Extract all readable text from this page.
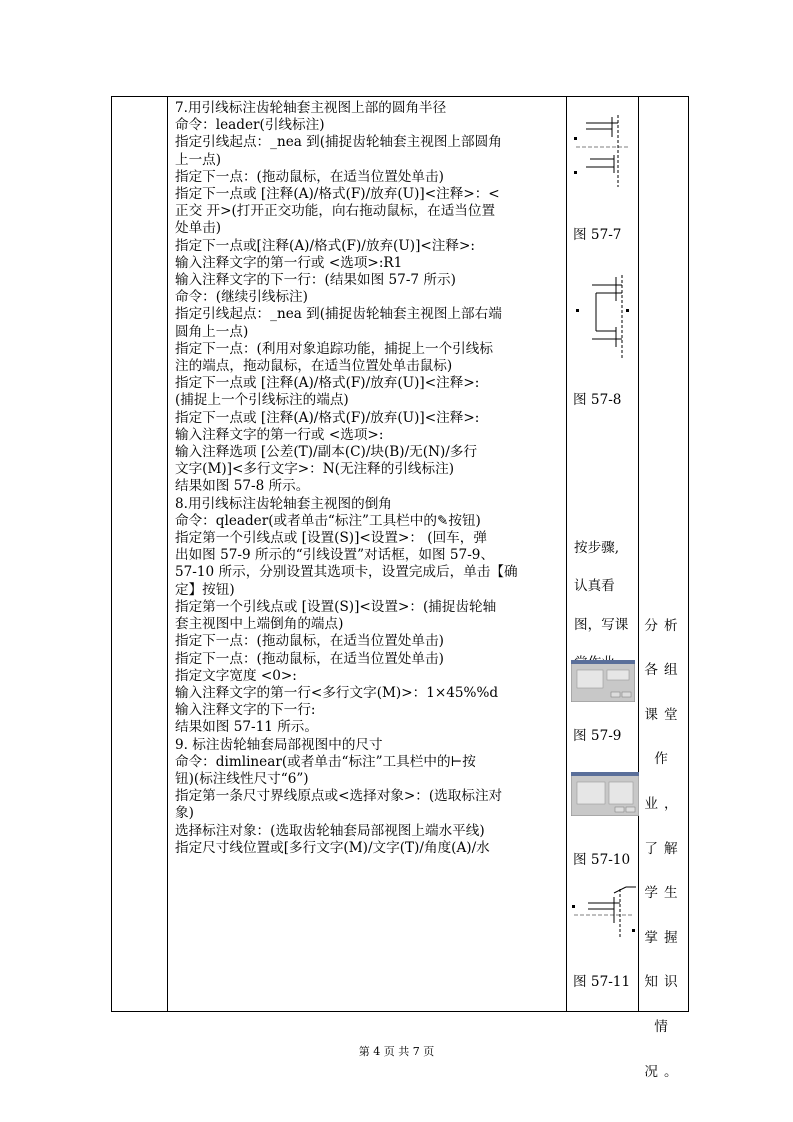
7.用引线标注齿轮轴套主视图上部的圆角半径

命令：leader(引线标注)

指定引线起点：_nea 到(捕捉齿轮轴套主视图上部圆角

上一点)

指定下一点：(拖动鼠标，在适当位置处单击)

指定下一点或 [注释(A)/格式(F)/放弃(U)]<注释>：<

正交 开>(打开正交功能，向右拖动鼠标，在适当位置

处单击)

指定下一点或[注释(A)/格式(F)/放弃(U)]<注释>:

输入注释文字的第一行或 <选项>:R1

输入注释文字的下一行：(结果如图 57-7 所示)

命令：(继续引线标注)

指定引线起点：_nea 到(捕捉齿轮轴套主视图上部右端

圆角上一点)

指定下一点：(利用对象追踪功能，捕捉上一个引线标

注的端点，拖动鼠标，在适当位置处单击鼠标)

指定下一点或 [注释(A)/格式(F)/放弃(U)]<注释>:

(捕捉上一个引线标注的端点)

指定下一点或 [注释(A)/格式(F)/放弃(U)]<注释>:

输入注释文字的第一行或 <选项>:

输入注释选项 [公差(T)/副本(C)/块(B)/无(N)/多行

文字(M)]<多行文字>：N(无注释的引线标注)

结果如图 57-8 所示。

8.用引线标注齿轮轴套主视图的倒角

命令：qleader(或者单击“标注”工具栏中的✎按钮)

指定第一个引线点或 [设置(S)]<设置>： (回车，弹

出如图 57-9 所示的“引线设置”对话框，如图 57-9、

57-10 所示，分别设置其选项卡，设置完成后，单击【确

定】按钮)

指定第一个引线点或 [设置(S)]<设置>：(捕捉齿轮轴

套主视图中上端倒角的端点)

指定下一点：(拖动鼠标，在适当位置处单击)

指定下一点：(拖动鼠标，在适当位置处单击)

指定文字宽度 <0>:

输入注释文字的第一行<多行文字(M)>：1×45%%d

输入注释文字的下一行:

结果如图 57-11 所示。

9. 标注齿轮轴套局部视图中的尺寸

命令：dimlinear(或者单击“标注”工具栏中的⊢按

钮)(标注线性尺寸“6”)

指定第一条尺寸界线原点或<选择对象>：(选取标注对

象)

选择标注对象：(选取齿轮轴套局部视图上端水平线)

指定尺寸线位置或[多行文字(M)/文字(T)/角度(A)/水

图 57-7
图 57-8

按步骤,

认真看

图，写课

图 57-9
图 57-10
图 57-11

分析

各组

课堂

作

业，

了解

学生

掌握

知识

情

况。

第 4 页 共 7 页
